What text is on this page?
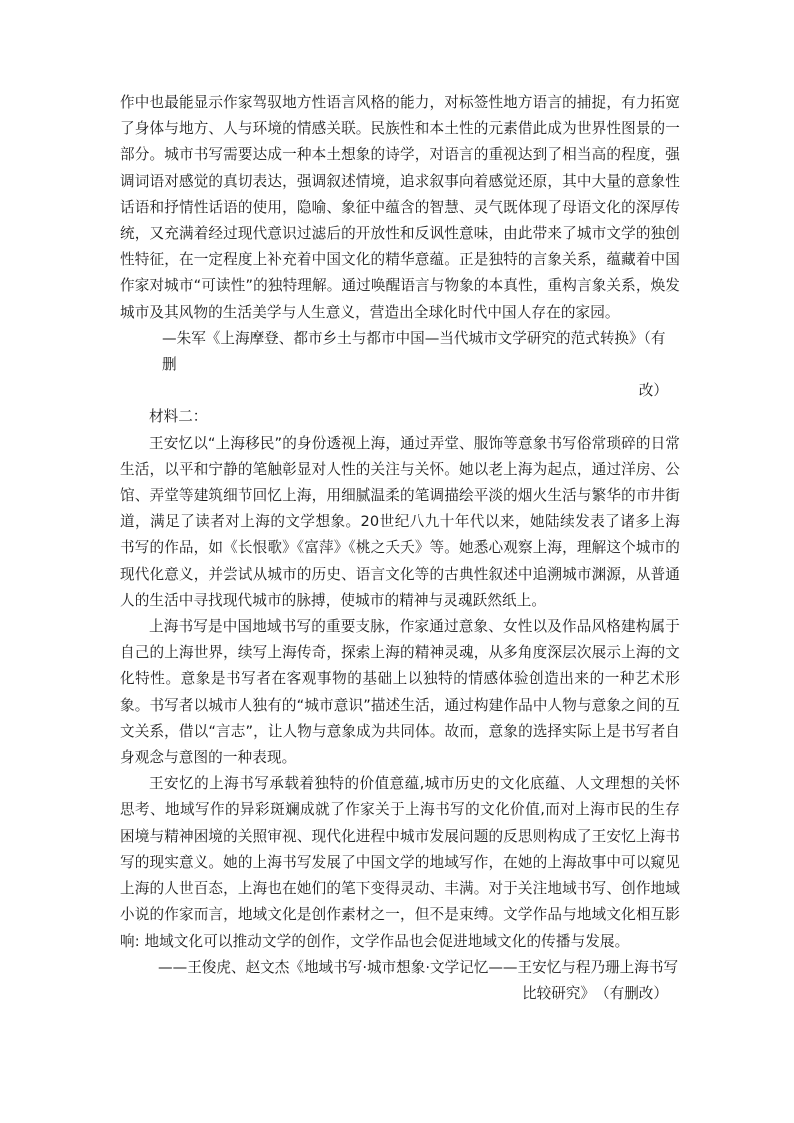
作中也最能显示作家驾驭地方性语言风格的能力，对标签性地方语言的捕捉，有力拓宽了身体与地方、人与环境的情感关联。民族性和本土性的元素借此成为世界性图景的一部分。城市书写需要达成一种本土想象的诗学，对语言的重视达到了相当高的程度，强调词语对感觉的真切表达，强调叙述情境，追求叙事向着感觉还原，其中大量的意象性话语和抒情性话语的使用，隐喻、象征中蕴含的智慧、灵气既体现了母语文化的深厚传统，又充满着经过现代意识过滤后的开放性和反讽性意味，由此带来了城市文学的独创性特征，在一定程度上补充着中国文化的精华意蕴。正是独特的言象关系，蕴藏着中国作家对城市“可读性”的独特理解。通过唤醒语言与物象的本真性，重构言象关系，焕发城市及其风物的生活美学与人生意义，营造出全球化时代中国人存在的家园。

—朱军《上海摩登、都市乡土与都市中国—当代城市文学研究的范式转换》（有删

改）

材料二：

王安忆以“上海移民”的身份透视上海，通过弄堂、服饰等意象书写俗常琐碎的日常生活，以平和宁静的笔触彰显对人性的关注与关怀。她以老上海为起点，通过洋房、公馆、弄堂等建筑细节回忆上海，用细腻温柔的笔调描绘平淡的烟火生活与繁华的市井街道，满足了读者对上海的文学想象。20世纪八九十年代以来，她陆续发表了诸多上海书写的作品，如《长恨歌》《富萍》《桃之夭夭》等。她悉心观察上海，理解这个城市的现代化意义，并尝试从城市的历史、语言文化等的古典性叙述中追溯城市渊源，从普通人的生活中寻找现代城市的脉搏，使城市的精神与灵魂跃然纸上。

上海书写是中国地域书写的重要支脉，作家通过意象、女性以及作品风格建构属于自己的上海世界，续写上海传奇，探索上海的精神灵魂，从多角度深层次展示上海的文化特性。意象是书写者在客观事物的基础上以独特的情感体验创造出来的一种艺术形象。书写者以城市人独有的“城市意识”描述生活，通过构建作品中人物与意象之间的互文关系，借以“言志”，让人物与意象成为共同体。故而，意象的选择实际上是书写者自身观念与意图的一种表现。

王安忆的上海书写承载着独特的价值意蕴,城市历史的文化底蕴、人文理想的关怀思考、地域写作的异彩斑斓成就了作家关于上海书写的文化价值,而对上海市民的生存困境与精神困境的关照审视、现代化进程中城市发展问题的反思则构成了王安忆上海书写的现实意义。她的上海书写发展了中国文学的地域写作，在她的上海故事中可以窥见上海的人世百态，上海也在她们的笔下变得灵动、丰满。对于关注地域书写、创作地域小说的作家而言，地域文化是创作素材之一，但不是束缚。文学作品与地域文化相互影响: 地域文化可以推动文学的创作，文学作品也会促进地域文化的传播与发展。

——王俊虎、赵文杰《地域书写·城市想象·文学记忆——王安忆与程乃珊上海书写

比较研究》　（有删改）
